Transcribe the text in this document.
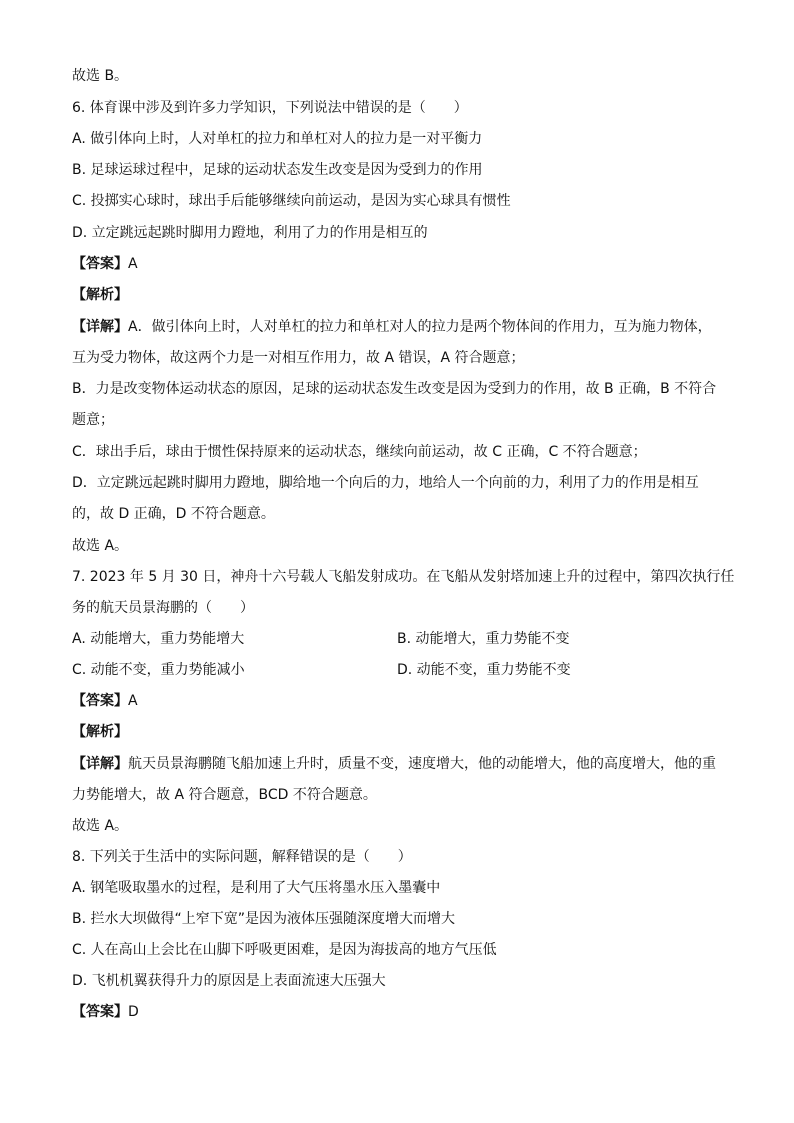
故选 B。
6. 体育课中涉及到许多力学知识，下列说法中错误的是（　　）
A. 做引体向上时，人对单杠的拉力和单杠对人的拉力是一对平衡力
B. 足球运球过程中，足球的运动状态发生改变是因为受到力的作用
C. 投掷实心球时，球出手后能够继续向前运动，是因为实心球具有惯性
D. 立定跳远起跳时脚用力蹬地，利用了力的作用是相互的
【答案】A
【解析】
【详解】A．做引体向上时，人对单杠的拉力和单杠对人的拉力是两个物体间的作用力，互为施力物体，
互为受力物体，故这两个力是一对相互作用力，故 A 错误，A 符合题意；
B．力是改变物体运动状态的原因，足球的运动状态发生改变是因为受到力的作用，故 B 正确，B 不符合
题意；
C．球出手后，球由于惯性保持原来的运动状态，继续向前运动，故 C 正确，C 不符合题意；
D．立定跳远起跳时脚用力蹬地，脚给地一个向后的力，地给人一个向前的力，利用了力的作用是相互
的，故 D 正确，D 不符合题意。
故选 A。
7. 2023 年 5 月 30 日，神舟十六号载人飞船发射成功。在飞船从发射塔加速上升的过程中，第四次执行任
务的航天员景海鹏的（　　）
A. 动能增大，重力势能增大	B. 动能增大，重力势能不变
C. 动能不变，重力势能减小	D. 动能不变，重力势能不变
【答案】A
【解析】
【详解】航天员景海鹏随飞船加速上升时，质量不变，速度增大，他的动能增大，他的高度增大，他的重
力势能增大，故 A 符合题意，BCD 不符合题意。
故选 A。
8. 下列关于生活中的实际问题，解释错误的是（　　）
A. 钢笔吸取墨水的过程，是利用了大气压将墨水压入墨囊中
B. 拦水大坝做得“上窄下宽”是因为液体压强随深度增大而增大
C. 人在高山上会比在山脚下呼吸更困难，是因为海拔高的地方气压低
D. 飞机机翼获得升力的原因是上表面流速大压强大
【答案】D
